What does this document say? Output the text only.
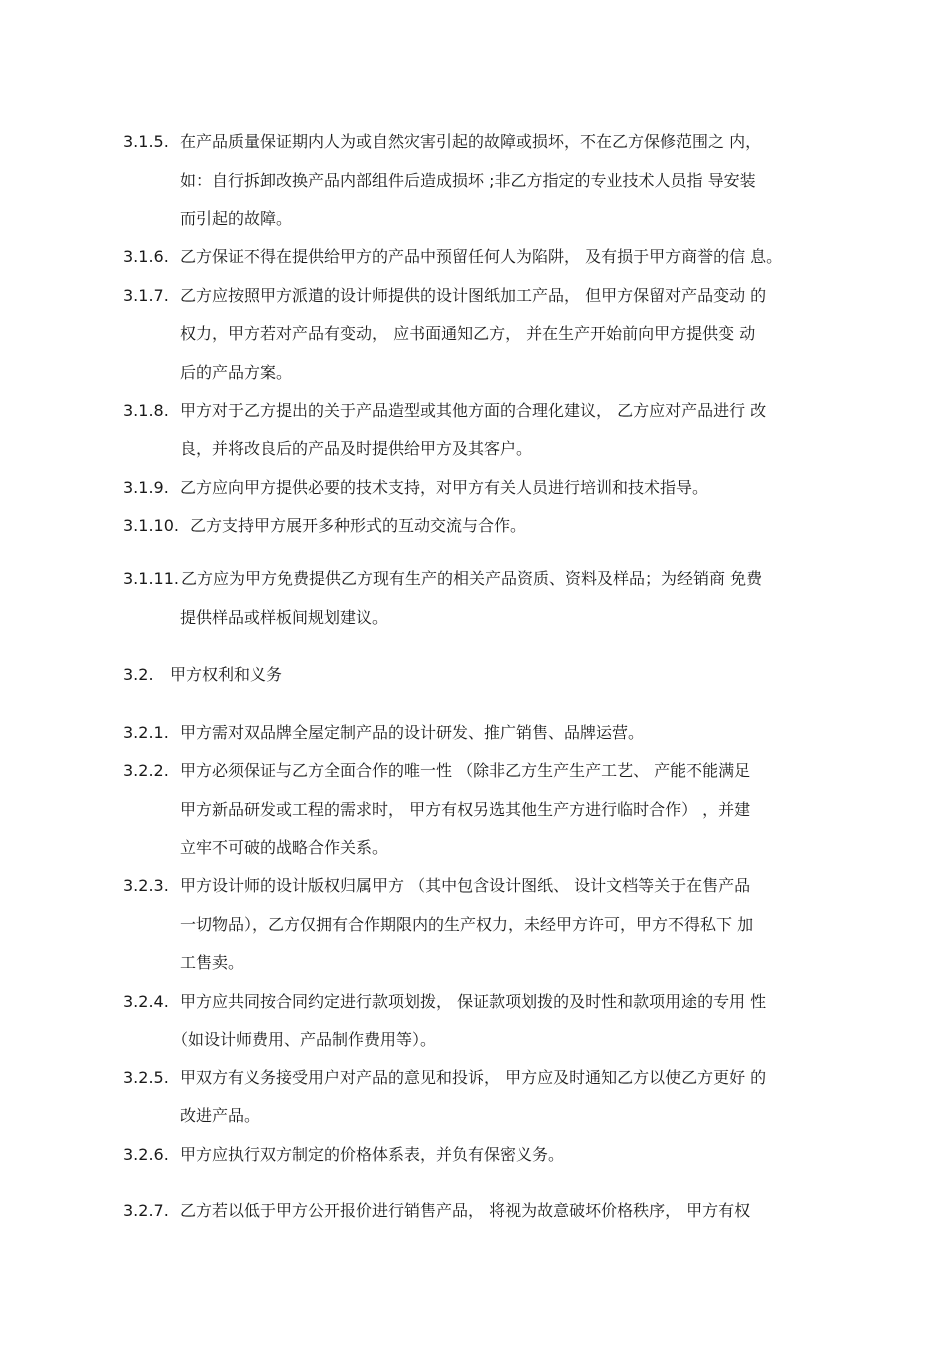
3.1.5. 在产品质量保证期内人为或自然灾害引起的故障或损坏，不在乙方保修范围之 内，
如：自行拆卸改换产品内部组件后造成损坏 ;非乙方指定的专业技术人员指 导安装
而引起的故障。
3.1.6. 乙方保证不得在提供给甲方的产品中预留任何人为陷阱， 及有损于甲方商誉的信 息。
3.1.7. 乙方应按照甲方派遣的设计师提供的设计图纸加工产品， 但甲方保留对产品变动 的
权力，甲方若对产品有变动， 应书面通知乙方， 并在生产开始前向甲方提供变 动
后的产品方案。
3.1.8. 甲方对于乙方提出的关于产品造型或其他方面的合理化建议， 乙方应对产品进行 改
良，并将改良后的产品及时提供给甲方及其客户。
3.1.9. 乙方应向甲方提供必要的技术支持，对甲方有关人员进行培训和技术指导。
3.1.10. 乙方支持甲方展开多种形式的互动交流与合作。
3.1.11. 乙方应为甲方免费提供乙方现有生产的相关产品资质、资料及样品；为经销商 免费
提供样品或样板间规划建议。
3.2. 甲方权利和义务
3.2.1. 甲方需对双品牌全屋定制产品的设计研发、推广销售、品牌运营。
3.2.2. 甲方必须保证与乙方全面合作的唯一性 （除非乙方生产生产工艺、 产能不能满足
甲方新品研发或工程的需求时， 甲方有权另选其他生产方进行临时合作） ，并建
立牢不可破的战略合作关系。
3.2.3. 甲方设计师的设计版权归属甲方 （其中包含设计图纸、 设计文档等关于在售产品
一切物品），乙方仅拥有合作期限内的生产权力，未经甲方许可，甲方不得私下 加
工售卖。
3.2.4. 甲方应共同按合同约定进行款项划拨， 保证款项划拨的及时性和款项用途的专用 性
（如设计师费用、产品制作费用等）。
3.2.5. 甲双方有义务接受用户对产品的意见和投诉， 甲方应及时通知乙方以使乙方更好 的
改进产品。
3.2.6. 甲方应执行双方制定的价格体系表，并负有保密义务。
3.2.7. 乙方若以低于甲方公开报价进行销售产品， 将视为故意破坏价格秩序， 甲方有权
